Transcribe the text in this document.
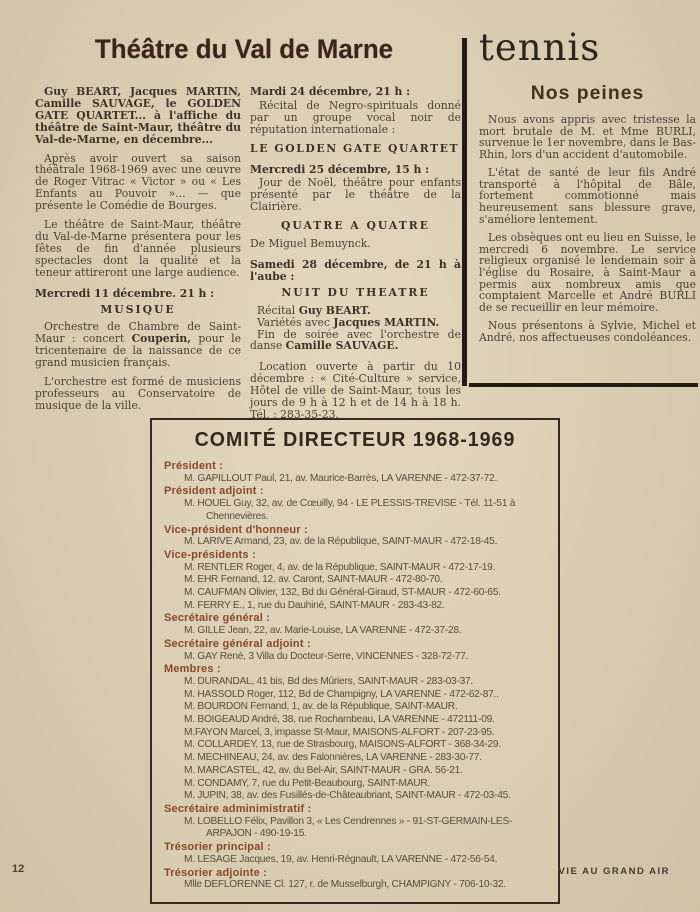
Théâtre du Val de Marne

Guy BEART, Jacques MARTIN, Camille SAUVAGE, le GOLDEN GATE QUARTET... à l'affiche du théâtre de Saint-Maur, théâtre du Val-de-Marne, en décembre...

Après avoir ouvert sa saison théâtrale 1968-1969 avec une œuvre de Roger Vitrac « Victor » ou « Les Enfants au Pouvoir »... — que présente le Comédie de Bourges.

Le théâtre de Saint-Maur, théâtre du Val-de-Marne présentera pour les fêtes de fin d'année plusieurs spectacles dont la qualité et la teneur attireront une large audience.

Mercredi 11 décembre. 21 h :

MUSIQUE

Orchestre de Chambre de Saint-Maur : concert Couperin, pour le tricentenaire de la naissance de ce grand musicien français.

L'orchestre est formé de musiciens professeurs au Conservatoire de musique de la ville.

Mardi 24 décembre, 21 h :

Récital de Negro-spirituals donné par un groupe vocal noir de réputation internationale :

LE GOLDEN GATE QUARTET

Mercredi 25 décembre, 15 h :

Jour de Noël, théâtre pour enfants présenté par le théâtre de la Clairière.

QUATRE A QUATRE

De Miguel Bemuynck.

Samedi 28 décembre, de 21 h à l'aube :

NUIT DU THEATRE

Récital Guy BEART.

Variétés avec Jacques MARTIN.

Fin de soirée avec l'orchestre de danse Camille SAUVAGE.

Location ouverte à partir du 10 décembre : « Cité-Culture » service, Hôtel de ville de Saint-Maur, tous les jours de 9 h à 12 h et de 14 h à 18 h. Tél. : 283-35-23.

tennis
Nos peines

Nous avons appris avec tristesse la mort brutale de M. et Mme BURLI, survenue le 1er novembre, dans le Bas-Rhin, lors d'un accident d'automobile.

L'état de santé de leur fils André transporté à l'hôpital de Bâle, fortement commotionné mais heureusement sans blessure grave, s'améliore lentement.

Les obsèques ont eu lieu en Suisse, le mercredi 6 novembre. Le service religieux organisé le lendemain soir à l'église du Rosaire, à Saint-Maur a permis aux nombreux amis que comptaient Marcelle et André BURLI de se recueillir en leur mémoire.

Nous présentons à Sylvie, Michel et André, nos affectueuses condoléances.

COMITÉ DIRECTEUR 1968-1969
Président :
M. GAPILLOUT Paul, 21, av. Maurice-Barrès, LA VARENNE - 472-37-72.
Président adjoint :
M. HOUEL Guy, 32, av. de Cœuilly, 94 - LE PLESSIS-TREVISE - Tél. 11-51 à Chennevières.
Vice-président d'honneur :
M. LARIVE Armand, 23, av. de la République, SAINT-MAUR - 472-18-45.
Vice-présidents :
M. RENTLER Roger, 4, av. de la République, SAINT-MAUR - 472-17-19.
M. EHR Fernand, 12, av. Caront, SAINT-MAUR - 472-80-70.
M. CAUFMAN Olivier, 132, Bd du Général-Giraud, ST-MAUR - 472-60-65.
M. FERRY E., 1, rue du Dauhiné, SAINT-MAUR - 283-43-82.
Secrétaire général :
M. GILLE Jean, 22, av. Marie-Louise, LA VARENNE - 472-37-28.
Secrétaire général adjoint :
M. GAY René, 3 Villa du Docteur-Serre, VINCENNES - 328-72-77.
Membres :
M. DURANDAL, 41 bis, Bd des Mûriers, SAINT-MAUR - 283-03-37.
M. HASSOLD Roger, 112, Bd de Champigny, LA VARENNE - 472-62-87..
M. BOURDON Fernand, 1, av. de la République, SAINT-MAUR.
M. BOIGEAUD André, 38, rue Rochambeau, LA VARENNE - 472111-09.
M.FAYON Marcel, 3, impasse St-Maur, MAISONS-ALFORT - 207-23-95.
M. COLLARDEY, 13, rue de Strasbourg, MAISONS-ALFORT - 368-34-29.
M. MECHINEAU, 24, av. des Falonnières, LA VARENNE - 283-30-77.
M. MARCASTEL, 42, av. du Bel-Air, SAINT-MAUR - GRA. 56-21.
M. CONDAMY, 7, rue du Petit-Beaubourg, SAINT-MAUR.
M. JUPIN, 38, av. des Fusillés-de-Châteaubriant, SAINT-MAUR - 472-03-45.
Secrétaire adminimistratif :
M. LOBELLO Félix, Pavillon 3, « Les Cendrennes » - 91-ST-GERMAIN-LES-ARPAJON - 490-19-15.
Trésorier principal :
M. LESAGE Jacques, 19, av. Henri-Régnault, LA VARENNE - 472-56-54.
Trésorier adjointe :
Mlle DEFLORENNE Cl. 127, r. de Musselburgh, CHAMPIGNY - 706-10-32.
12	VIE AU GRAND AIR
